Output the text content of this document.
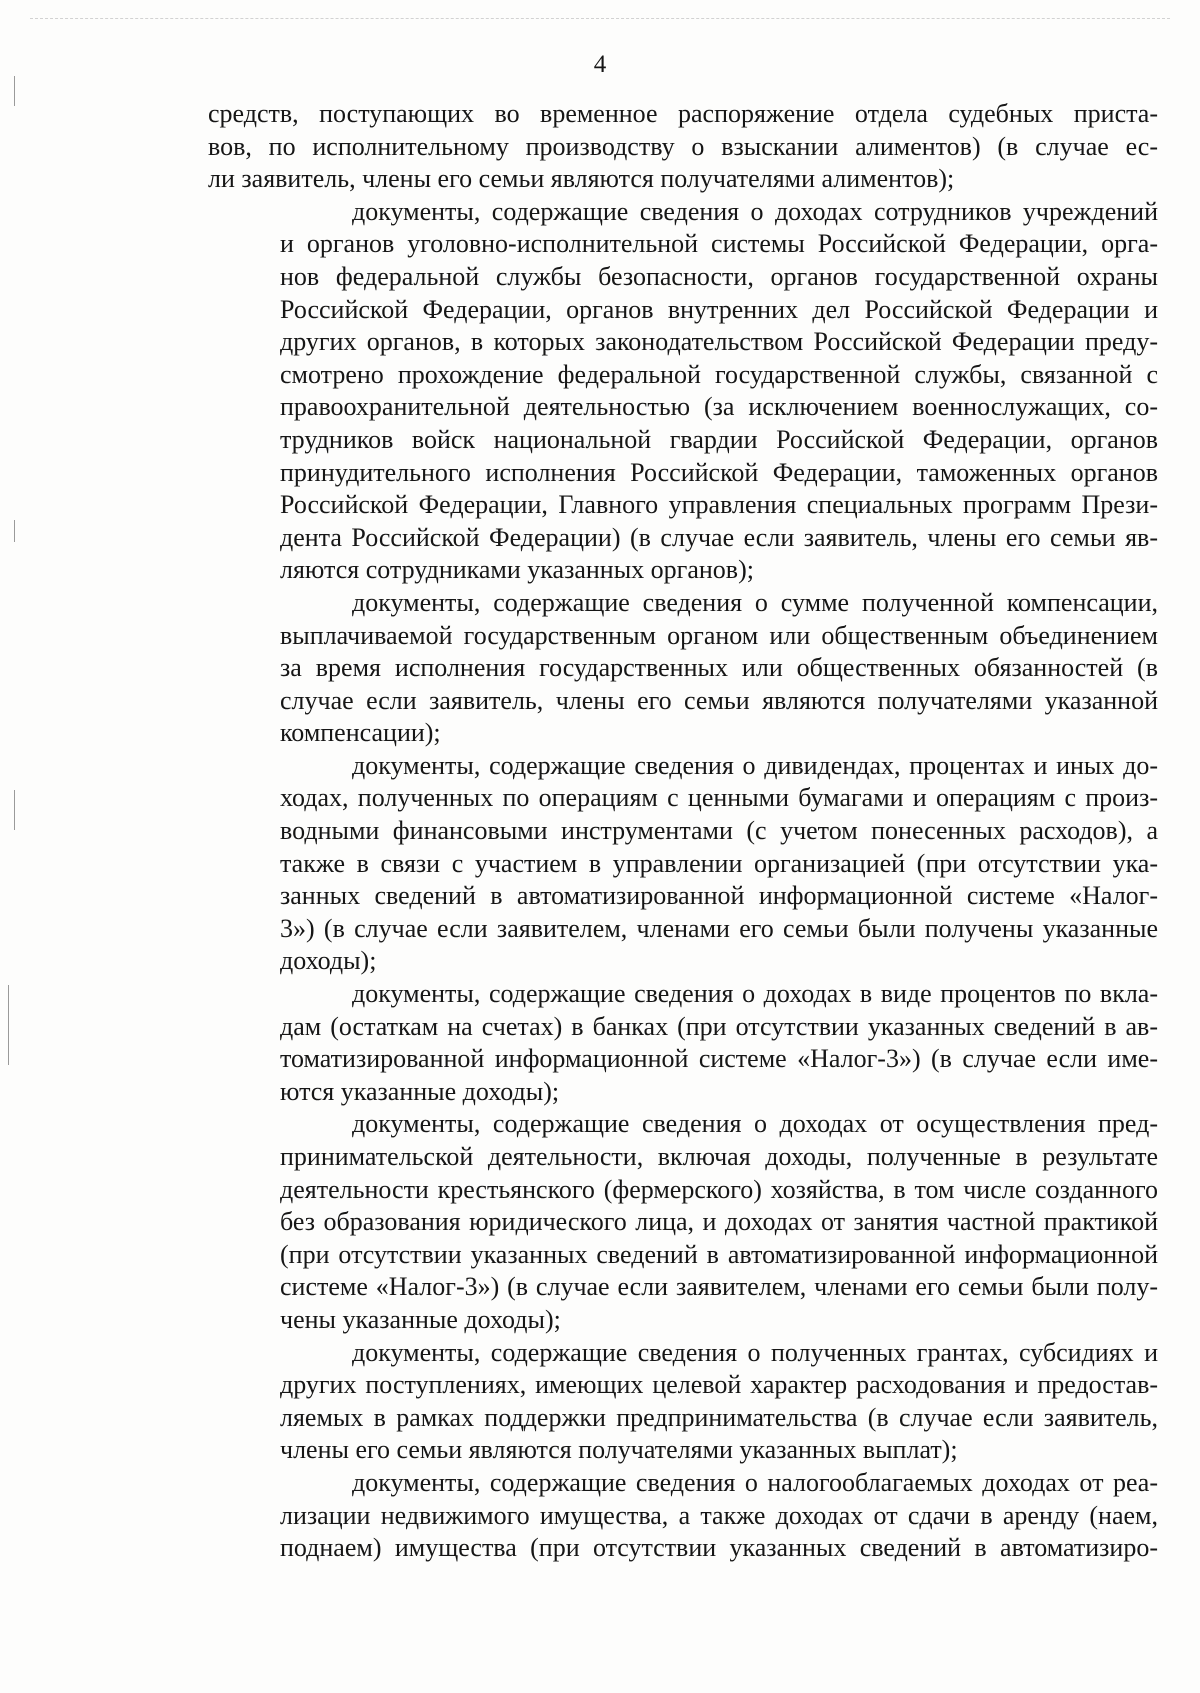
4
средств, поступающих во временное распоряжение отдела судебных приста-
вов, по исполнительному производству о взыскании алиментов) (в случае ес-
ли заявитель, члены его семьи являются получателями алиментов);
документы, содержащие сведения о доходах сотрудников учреждений
и органов уголовно-исполнительной системы Российской Федерации, орга-
нов федеральной службы безопасности, органов государственной охраны
Российской Федерации, органов внутренних дел Российской Федерации и
других органов, в которых законодательством Российской Федерации преду-
смотрено прохождение федеральной государственной службы, связанной с
правоохранительной деятельностью (за исключением военнослужащих, со-
трудников войск национальной гвардии Российской Федерации, органов
принудительного исполнения Российской Федерации, таможенных органов
Российской Федерации, Главного управления специальных программ Прези-
дента Российской Федерации) (в случае если заявитель, члены его семьи яв-
ляются сотрудниками указанных органов);
документы, содержащие сведения о сумме полученной компенсации,
выплачиваемой государственным органом или общественным объединением
за время исполнения государственных или общественных обязанностей (в
случае если заявитель, члены его семьи являются получателями указанной
компенсации);
документы, содержащие сведения о дивидендах, процентах и иных до-
ходах, полученных по операциям с ценными бумагами и операциям с произ-
водными финансовыми инструментами (с учетом понесенных расходов), а
также в связи с участием в управлении организацией (при отсутствии ука-
занных сведений в автоматизированной информационной системе «Налог-
3») (в случае если заявителем, членами его семьи были получены указанные
доходы);
документы, содержащие сведения о доходах в виде процентов по вкла-
дам (остаткам на счетах) в банках (при отсутствии указанных сведений в ав-
томатизированной информационной системе «Налог-3») (в случае если име-
ются указанные доходы);
документы, содержащие сведения о доходах от осуществления пред-
принимательской деятельности, включая доходы, полученные в результате
деятельности крестьянского (фермерского) хозяйства, в том числе созданного
без образования юридического лица, и доходах от занятия частной практикой
(при отсутствии указанных сведений в автоматизированной информационной
системе «Налог-3») (в случае если заявителем, членами его семьи были полу-
чены указанные доходы);
документы, содержащие сведения о полученных грантах, субсидиях и
других поступлениях, имеющих целевой характер расходования и предостав-
ляемых в рамках поддержки предпринимательства (в случае если заявитель,
члены его семьи являются получателями указанных выплат);
документы, содержащие сведения о налогооблагаемых доходах от реа-
лизации недвижимого имущества, а также доходах от сдачи в аренду (наем,
поднаем) имущества (при отсутствии указанных сведений в автоматизиро-
